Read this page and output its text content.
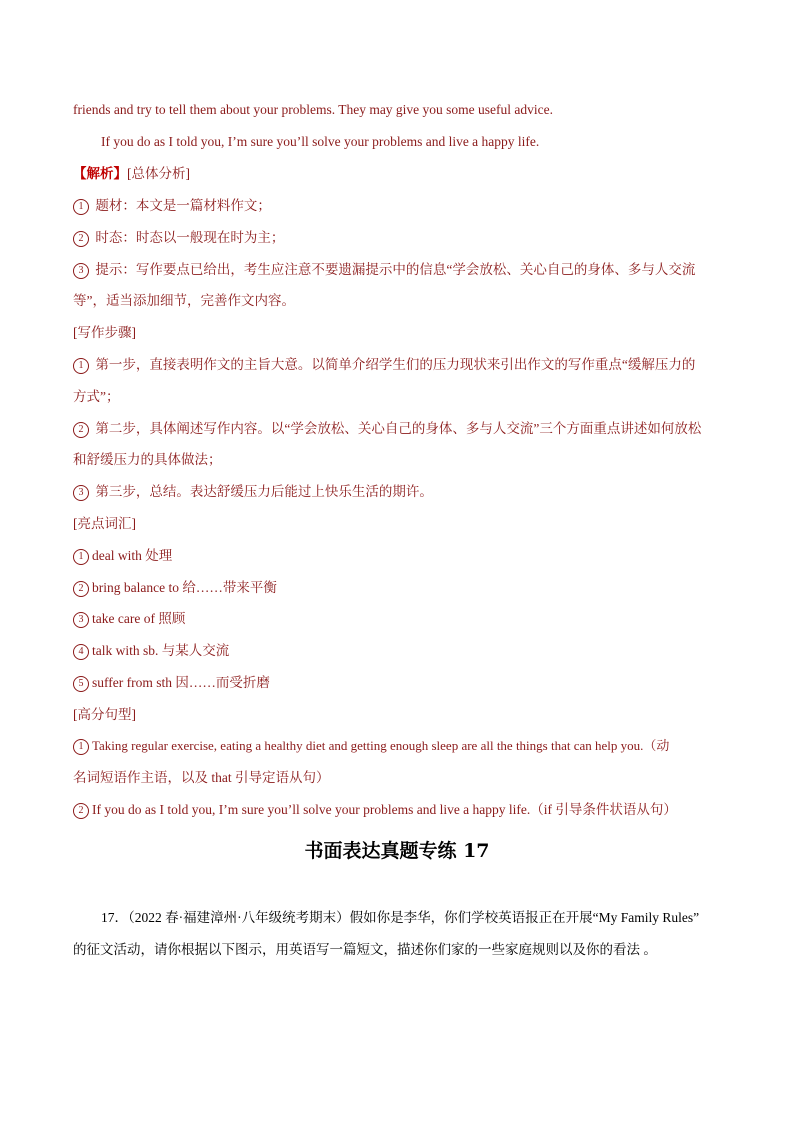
friends and try to tell them about your problems. They may give you some useful advice.
If you do as I told you, I’m sure you’ll solve your problems and live a happy life.
【解析】[总体分析]
1 题材：本文是一篇材料作文；
2 时态：时态以一般现在时为主；
3 提示：写作要点已给出，考生应注意不要遗漏提示中的信息“学会放松、关心自己的身体、多与人交流
等”，适当添加细节，完善作文内容。
[写作步骤]
1 第一步，直接表明作文的主旨大意。以简单介绍学生们的压力现状来引出作文的写作重点“缓解压力的
方式”；
2 第二步，具体阐述写作内容。以“学会放松、关心自己的身体、多与人交流”三个方面重点讲述如何放松
和舒缓压力的具体做法；
3 第三步，总结。表达舒缓压力后能过上快乐生活的期许。
[亮点词汇]
1 deal with 处理
2 bring balance to 给……带来平衡
3 take care of 照顾
4 talk with sb. 与某人交流
5 suffer from sth 因……而受折磨
[高分句型]
1 Taking regular exercise, eating a healthy diet and getting enough sleep are all the things that can help you.（动
名词短语作主语，以及 that 引导定语从句）
2 If you do as I told you, I’m sure you’ll solve your problems and live a happy life.（if 引导条件状语从句）
书面表达真题专练 17
17．（2022 春·福建漳州·八年级统考期末）假如你是李华，你们学校英语报正在开展“My Family Rules”
的征文活动，请你根据以下图示，用英语写一篇短文，描述你们家的一些家庭规则以及你的看法 。
